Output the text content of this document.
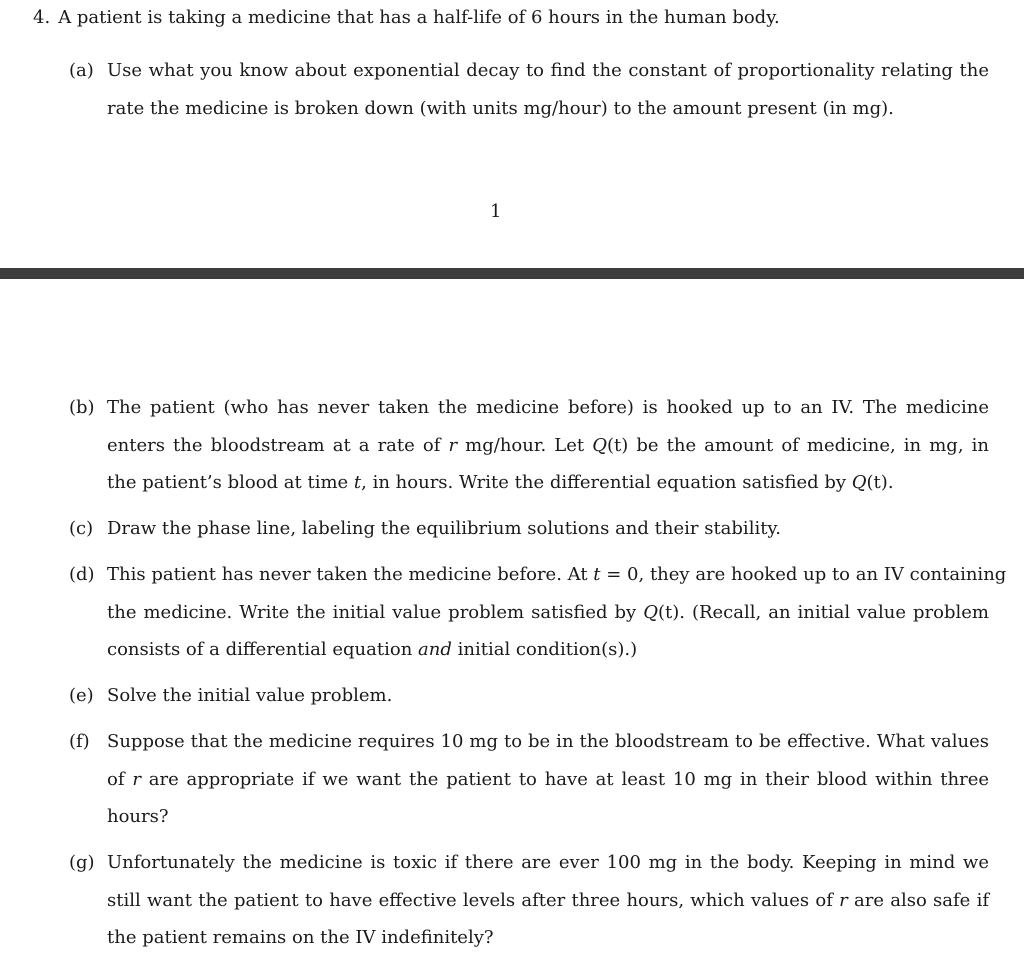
4. A patient is taking a medicine that has a half-life of 6 hours in the human body.
(a) Use what you know about exponential decay to find the constant of proportionality relating the
rate the medicine is broken down (with units mg/hour) to the amount present (in mg).
1
(b) The patient (who has never taken the medicine before) is hooked up to an IV. The medicine
enters the bloodstream at a rate of r mg/hour. Let Q(t) be the amount of medicine, in mg, in
the patient’s blood at time t, in hours. Write the differential equation satisfied by Q(t).
(c) Draw the phase line, labeling the equilibrium solutions and their stability.
(d) This patient has never taken the medicine before. At t = 0, they are hooked up to an IV containing
the medicine. Write the initial value problem satisfied by Q(t). (Recall, an initial value problem
consists of a differential equation and initial condition(s).)
(e) Solve the initial value problem.
(f) Suppose that the medicine requires 10 mg to be in the bloodstream to be effective. What values
of r are appropriate if we want the patient to have at least 10 mg in their blood within three
hours?
(g) Unfortunately the medicine is toxic if there are ever 100 mg in the body. Keeping in mind we
still want the patient to have effective levels after three hours, which values of r are also safe if
the patient remains on the IV indefinitely?
